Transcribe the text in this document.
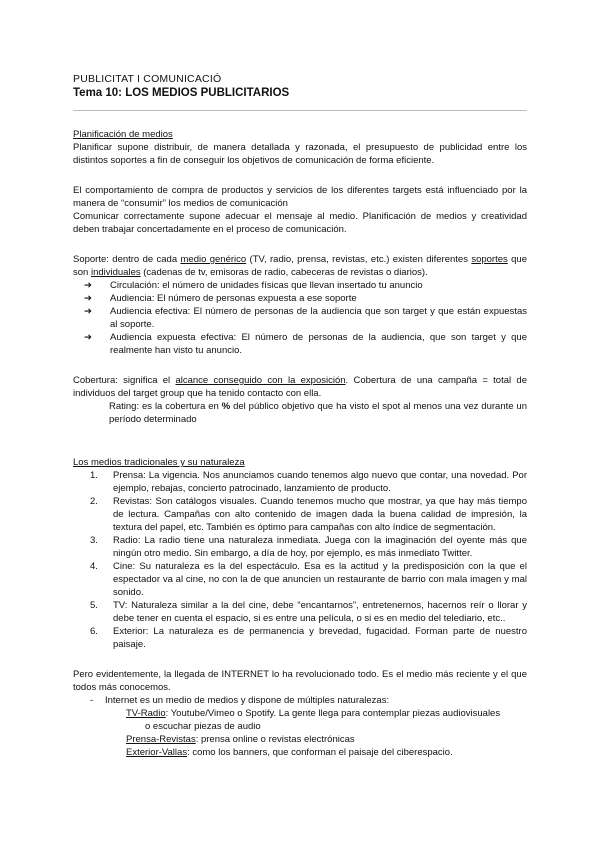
PUBLICITAT I COMUNICACIÓ

Tema 10: LOS MEDIOS PUBLICITARIOS

Planificación de medios

Planificar supone distribuir, de manera detallada y razonada, el presupuesto de publicidad entre los distintos soportes a fin de conseguir los objetivos de comunicación de forma eficiente.

El comportamiento de compra de productos y servicios de los diferentes targets está influenciado por la manera de “consumir” los medios de comunicación

Comunicar correctamente supone adecuar el mensaje al medio. Planificación de medios y creatividad deben trabajar concertadamente en el proceso de comunicación.

Soporte: dentro de cada medio genérico (TV, radio, prensa, revistas, etc.) existen diferentes soportes que son individuales (cadenas de tv, emisoras de radio, cabeceras de revistas o diarios).

➔ Circulación: el número de unidades físicas que llevan insertado tu anuncio
➔ Audiencia: El número de personas expuesta a ese soporte
➔ Audiencia efectiva: El número de personas de la audiencia que son target y que están expuestas al soporte.
➔ Audiencia expuesta efectiva: El número de personas de la audiencia, que son target y que realmente han visto tu anuncio.

Cobertura: significa el alcance conseguido con la exposición. Cobertura de una campaña = total de individuos del target group que ha tenido contacto con ella.

Rating: es la cobertura en % del público objetivo que ha visto el spot al menos una vez durante un período determinado

Los medios tradicionales y su naturaleza

1. Prensa: La vigencia. Nos anunciamos cuando tenemos algo nuevo que contar, una novedad. Por ejemplo, rebajas, concierto patrocinado, lanzamiento de producto.
2. Revistas: Son catálogos visuales. Cuando tenemos mucho que mostrar, ya que hay más tiempo de lectura. Campañas con alto contenido de imagen dada la buena calidad de impresión, la textura del papel, etc. También es óptimo para campañas con alto índice de segmentación.
3. Radio: La radio tiene una naturaleza inmediata. Juega con la imaginación del oyente más que ningún otro medio. Sin embargo, a día de hoy, por ejemplo, es más inmediato Twitter.
4. Cine: Su naturaleza es la del espectáculo. Esa es la actitud y la predisposición con la que el espectador va al cine, no con la de que anuncien un restaurante de barrio con mala imagen y mal sonido.
5. TV: Naturaleza similar a la del cine, debe “encantarnos”, entretenernos, hacernos reír o llorar y debe tener en cuenta el espacio, si es entre una película, o si es en medio del telediario, etc..
6. Exterior: La naturaleza es de permanencia y brevedad, fugacidad. Forman parte de nuestro paisaje.

Pero evidentemente, la llegada de INTERNET lo ha revolucionado todo. Es el medio más reciente y el que todos más conocemos.

- Internet es un medio de medios y dispone de múltiples naturalezas:

TV-Radio: Youtube/Vimeo o Spotify. La gente llega para contemplar piezas audiovisuales

o escuchar piezas de audio

Prensa-Revistas: prensa online o revistas electrónicas

Exterior-Vallas: como los banners, que conforman el paisaje del ciberespacio.
